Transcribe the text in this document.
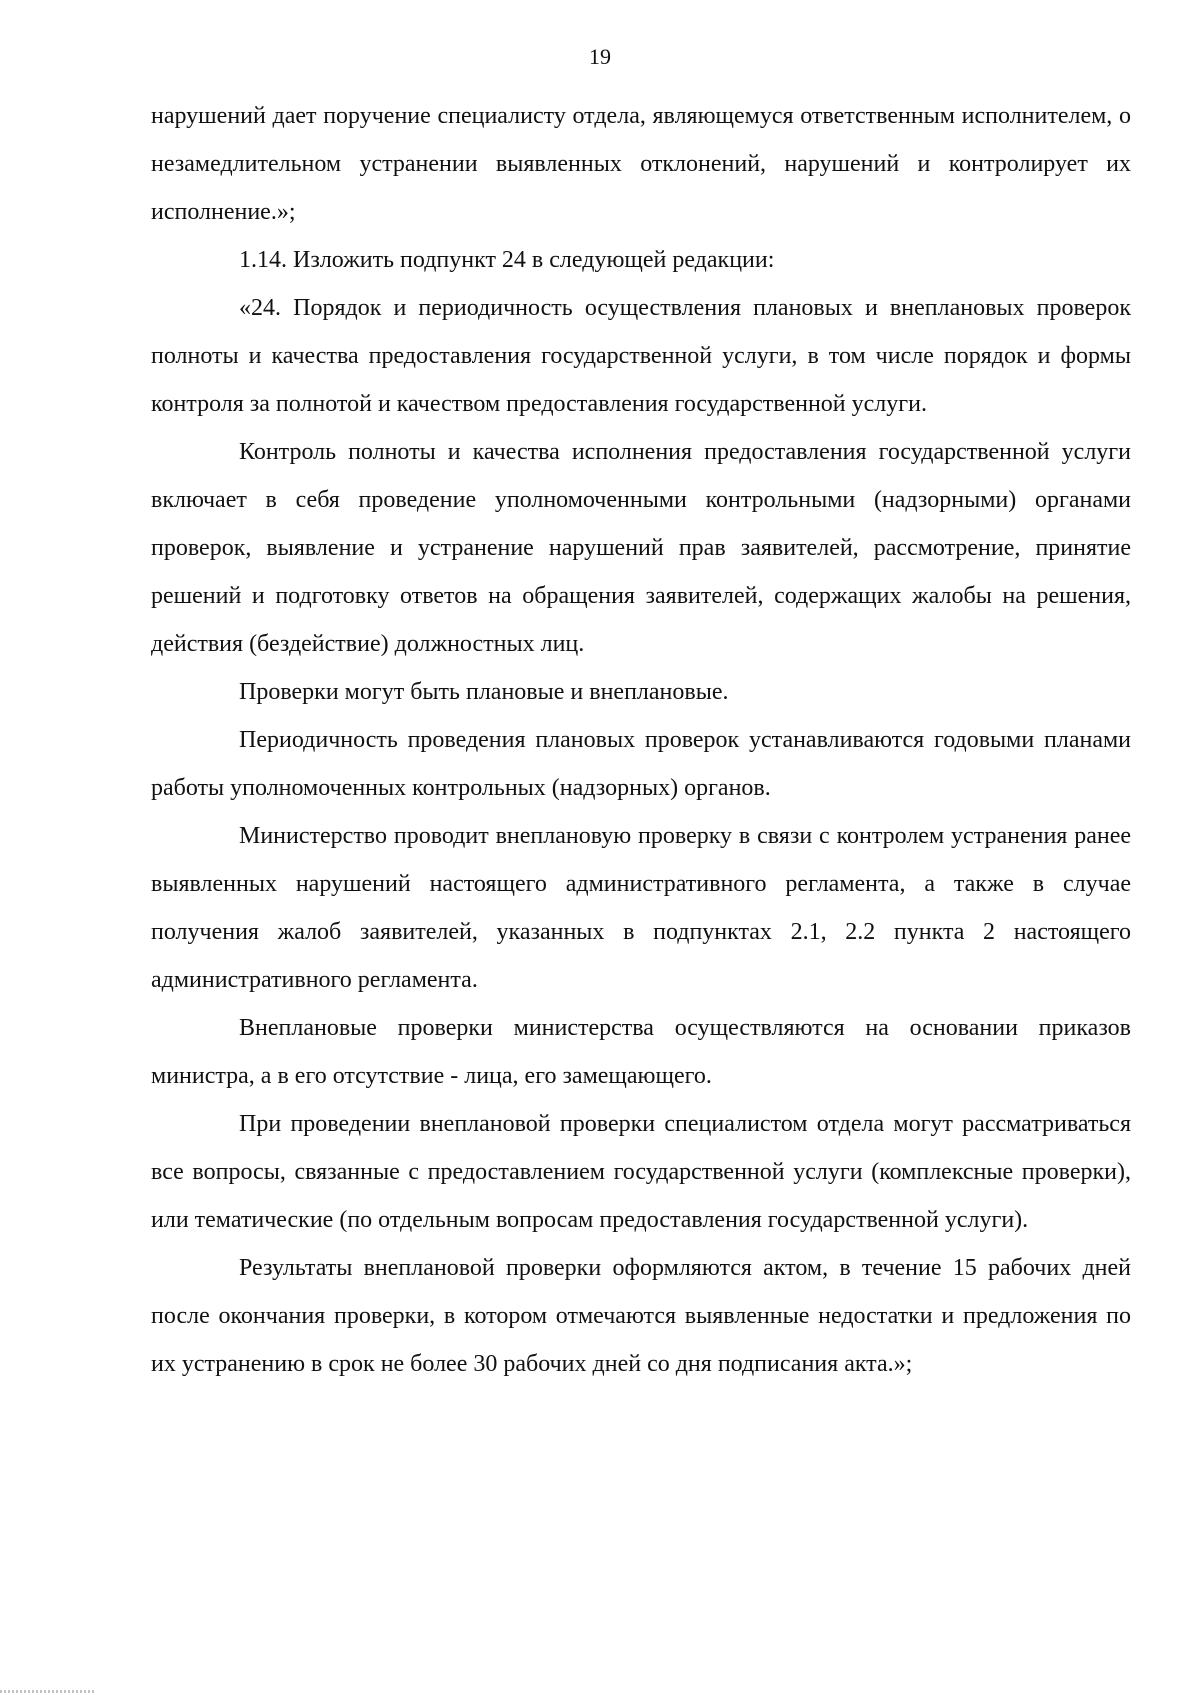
19

нарушений дает поручение специалисту отдела, являющемуся ответственным исполнителем, о незамедлительном устранении выявленных отклонений, нарушений и контролирует их исполнение.»;

1.14. Изложить подпункт 24 в следующей редакции:

«24. Порядок и периодичность осуществления плановых и внеплановых проверок полноты и качества предоставления государственной услуги, в том числе порядок и формы контроля за полнотой и качеством предоставления государственной услуги.

Контроль полноты и качества исполнения предоставления государственной услуги включает в себя проведение уполномоченными контрольными (надзорными) органами проверок, выявление и устранение нарушений прав заявителей, рассмотрение, принятие решений и подготовку ответов на обращения заявителей, содержащих жалобы на решения, действия (бездействие) должностных лиц.

Проверки могут быть плановые и внеплановые.

Периодичность проведения плановых проверок устанавливаются годовыми планами работы уполномоченных контрольных (надзорных) органов.

Министерство проводит внеплановую проверку в связи с контролем устранения ранее выявленных нарушений настоящего административного регламента, а также в случае получения жалоб заявителей, указанных в подпунктах 2.1, 2.2 пункта 2 настоящего административного регламента.

Внеплановые проверки министерства осуществляются на основании приказов министра, а в его отсутствие - лица, его замещающего.

При проведении внеплановой проверки специалистом отдела могут рассматриваться все вопросы, связанные с предоставлением государственной услуги (комплексные проверки), или тематические (по отдельным вопросам предоставления государственной услуги).

Результаты внеплановой проверки оформляются актом, в течение 15 рабочих дней после окончания проверки, в котором отмечаются выявленные недостатки и предложения по их устранению в срок не более 30 рабочих дней со дня подписания акта.»;
